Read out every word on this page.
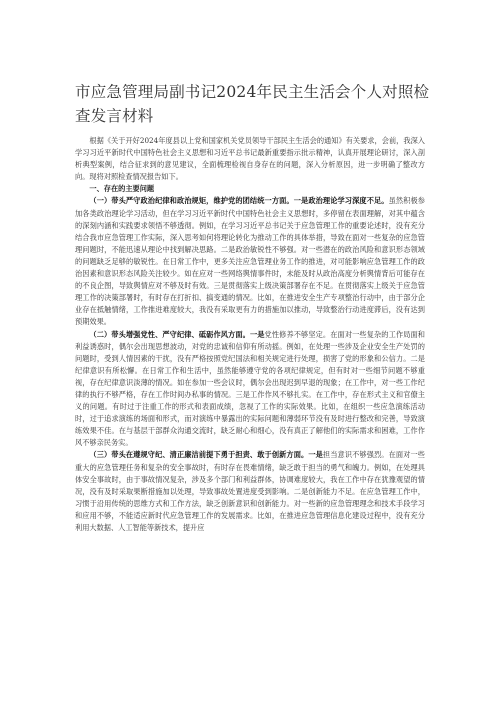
市应急管理局副书记2024年民主生活会个人对照检
查发言材料

根据《关于开好2024年度县以上党和国家机关党员领导干部民主生活会的通知》有关要求，会前，我深入学习习近平新时代中国特色社会主义思想和习近平总书记最新重要指示批示精神，认真开展理论研讨，深入剖析典型案例，结合征求到的意见建议，全面梳理检视自身存在的问题，深入分析原因，进一步明确了整改方向。现将对照检查情况报告如下。

一、存在的主要问题

（一）带头严守政治纪律和政治规矩，维护党的团结统一方面。一是政治理论学习深度不足。虽然积极参加各类政治理论学习活动，但在学习习近平新时代中国特色社会主义思想时，多停留在表面理解，对其中蕴含的深刻内涵和实践要求领悟不够透彻。例如，在学习习近平总书记关于应急管理工作的重要论述时，没有充分结合我市应急管理工作实际，深入思考如何将理论转化为推动工作的具体举措，导致在面对一些复杂的应急管理问题时，不能迅速从理论中找到解决思路。二是政治敏锐性不够强。对一些潜在的政治风险和意识形态领域的问题缺乏足够的敏锐性。在日常工作中，更多关注应急管理业务工作的推进，对可能影响应急管理工作的政治因素和意识形态风险关注较少。如在应对一些网络舆情事件时，未能及时从政治高度分析舆情背后可能存在的不良企图，导致舆情应对不够及时有效。三是贯彻落实上级决策部署存在不足。在贯彻落实上级关于应急管理工作的决策部署时，有时存在打折扣、搞变通的情况。比如，在推进安全生产专项整治行动中，由于部分企业存在抵触情绪，工作推进难度较大，我没有采取更有力的措施加以推动，导致整治行动进度滞后，没有达到预期效果。

（二）带头增强党性、严守纪律、砥砺作风方面。一是党性修养不够坚定。在面对一些复杂的工作局面和利益诱惑时，偶尔会出现思想波动，对党的忠诚和信仰有所动摇。例如，在处理一些涉及企业安全生产处罚的问题时，受到人情因素的干扰，没有严格按照党纪国法和相关规定进行处理，损害了党的形象和公信力。二是纪律意识有所松懈。在日常工作和生活中，虽然能够遵守党的各项纪律规定，但有时对一些细节问题不够重视，存在纪律意识淡薄的情况。如在参加一些会议时，偶尔会出现迟到早退的现象；在工作中，对一些工作纪律的执行不够严格，存在工作时间办私事的情况。三是工作作风不够扎实。在工作中，存在形式主义和官僚主义的问题。有时过于注重工作的形式和表面成绩，忽视了工作的实际效果。比如，在组织一些应急演练活动时，过于追求演练的场面和形式，而对演练中暴露出的实际问题和薄弱环节没有及时进行整改和完善，导致演练效果不佳。在与基层干部群众沟通交流时，缺乏耐心和细心，没有真正了解他们的实际需求和困难，工作作风不够亲民务实。

（三）带头在遵规守纪、清正廉洁前提下勇于担责、敢于创新方面。一是担当意识不够强烈。在面对一些重大的应急管理任务和复杂的安全事故时，有时存在畏难情绪，缺乏敢于担当的勇气和魄力。例如，在处理具体安全事故时，由于事故情况复杂，涉及多个部门和利益群体，协调难度较大，我在工作中存在犹豫观望的情况，没有及时采取果断措施加以处理，导致事故处置进度受到影响。二是创新能力不足。在应急管理工作中，习惯于沿用传统的思维方式和工作方法，缺乏创新意识和创新能力。对一些新的应急管理理念和技术手段学习和应用不够，不能适应新时代应急管理工作的发展需求。比如，在推进应急管理信息化建设过程中，没有充分利用大数据、人工智能等新技术，提升应
